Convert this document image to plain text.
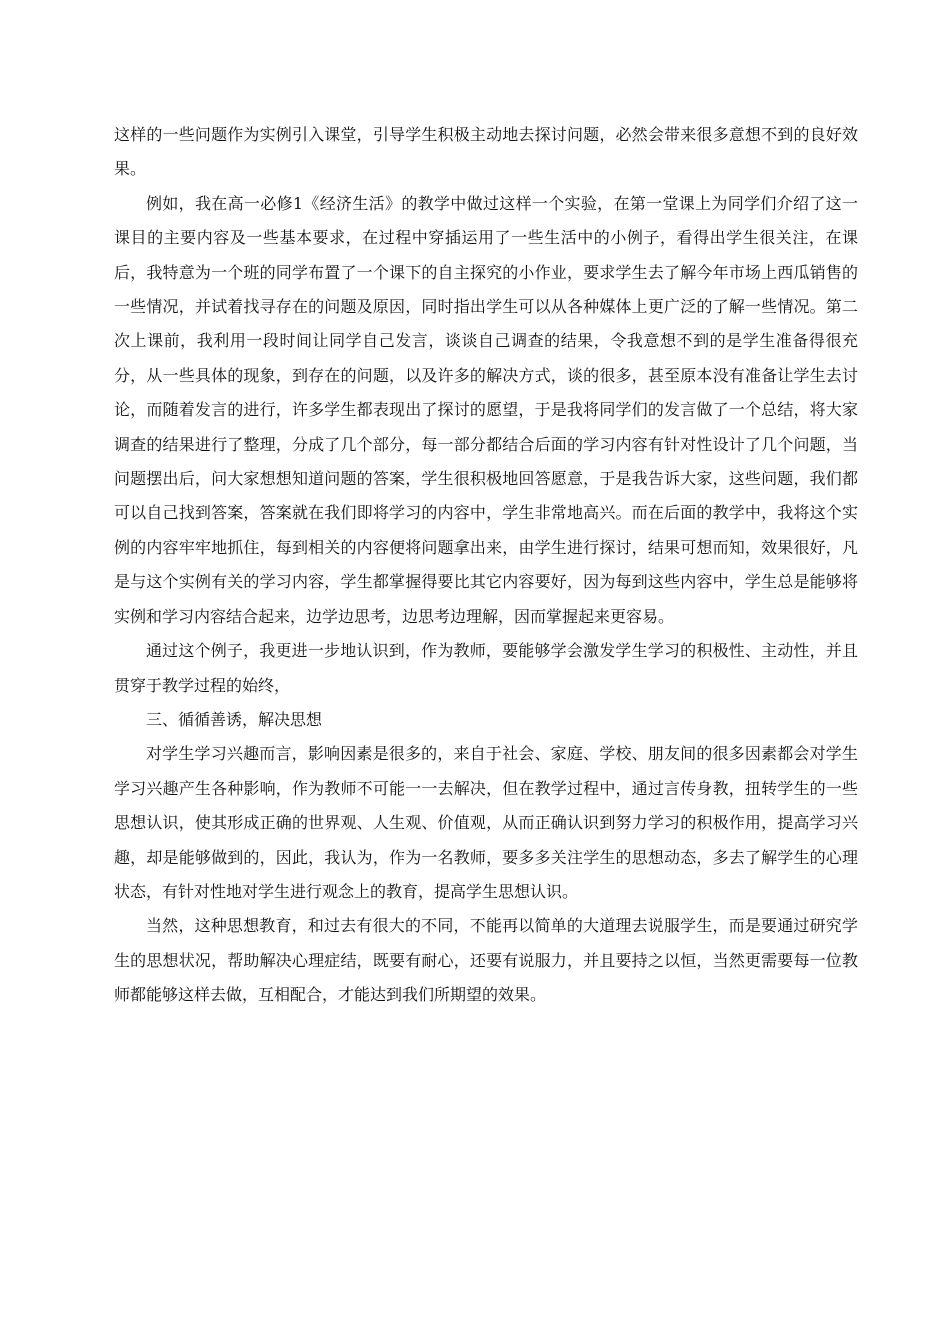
这样的一些问题作为实例引入课堂，引导学生积极主动地去探讨问题，必然会带来很多意想不到的良好效果。

例如，我在高一必修1《经济生活》的教学中做过这样一个实验，在第一堂课上为同学们介绍了这一课目的主要内容及一些基本要求，在过程中穿插运用了一些生活中的小例子，看得出学生很关注，在课后，我特意为一个班的同学布置了一个课下的自主探究的小作业，要求学生去了解今年市场上西瓜销售的一些情况，并试着找寻存在的问题及原因，同时指出学生可以从各种媒体上更广泛的了解一些情况。第二次上课前，我利用一段时间让同学自己发言，谈谈自己调查的结果，令我意想不到的是学生准备得很充分，从一些具体的现象，到存在的问题，以及许多的解决方式，谈的很多，甚至原本没有准备让学生去讨论，而随着发言的进行，许多学生都表现出了探讨的愿望，于是我将同学们的发言做了一个总结，将大家调查的结果进行了整理，分成了几个部分，每一部分都结合后面的学习内容有针对性设计了几个问题，当问题摆出后，问大家想想知道问题的答案，学生很积极地回答愿意，于是我告诉大家，这些问题，我们都可以自己找到答案，答案就在我们即将学习的内容中，学生非常地高兴。而在后面的教学中，我将这个实例的内容牢牢地抓住，每到相关的内容便将问题拿出来，由学生进行探讨，结果可想而知，效果很好，凡是与这个实例有关的学习内容，学生都掌握得要比其它内容要好，因为每到这些内容中，学生总是能够将实例和学习内容结合起来，边学边思考，边思考边理解，因而掌握起来更容易。

通过这个例子，我更进一步地认识到，作为教师，要能够学会激发学生学习的积极性、主动性，并且贯穿于教学过程的始终，

三、循循善诱，解决思想

对学生学习兴趣而言，影响因素是很多的，来自于社会、家庭、学校、朋友间的很多因素都会对学生学习兴趣产生各种影响，作为教师不可能一一去解决，但在教学过程中，通过言传身教，扭转学生的一些思想认识，使其形成正确的世界观、人生观、价值观，从而正确认识到努力学习的积极作用，提高学习兴趣，却是能够做到的，因此，我认为，作为一名教师，要多多关注学生的思想动态，多去了解学生的心理状态，有针对性地对学生进行观念上的教育，提高学生思想认识。

当然，这种思想教育，和过去有很大的不同，不能再以简单的大道理去说服学生，而是要通过研究学生的思想状况，帮助解决心理症结，既要有耐心，还要有说服力，并且要持之以恒，当然更需要每一位教师都能够这样去做，互相配合，才能达到我们所期望的效果。
